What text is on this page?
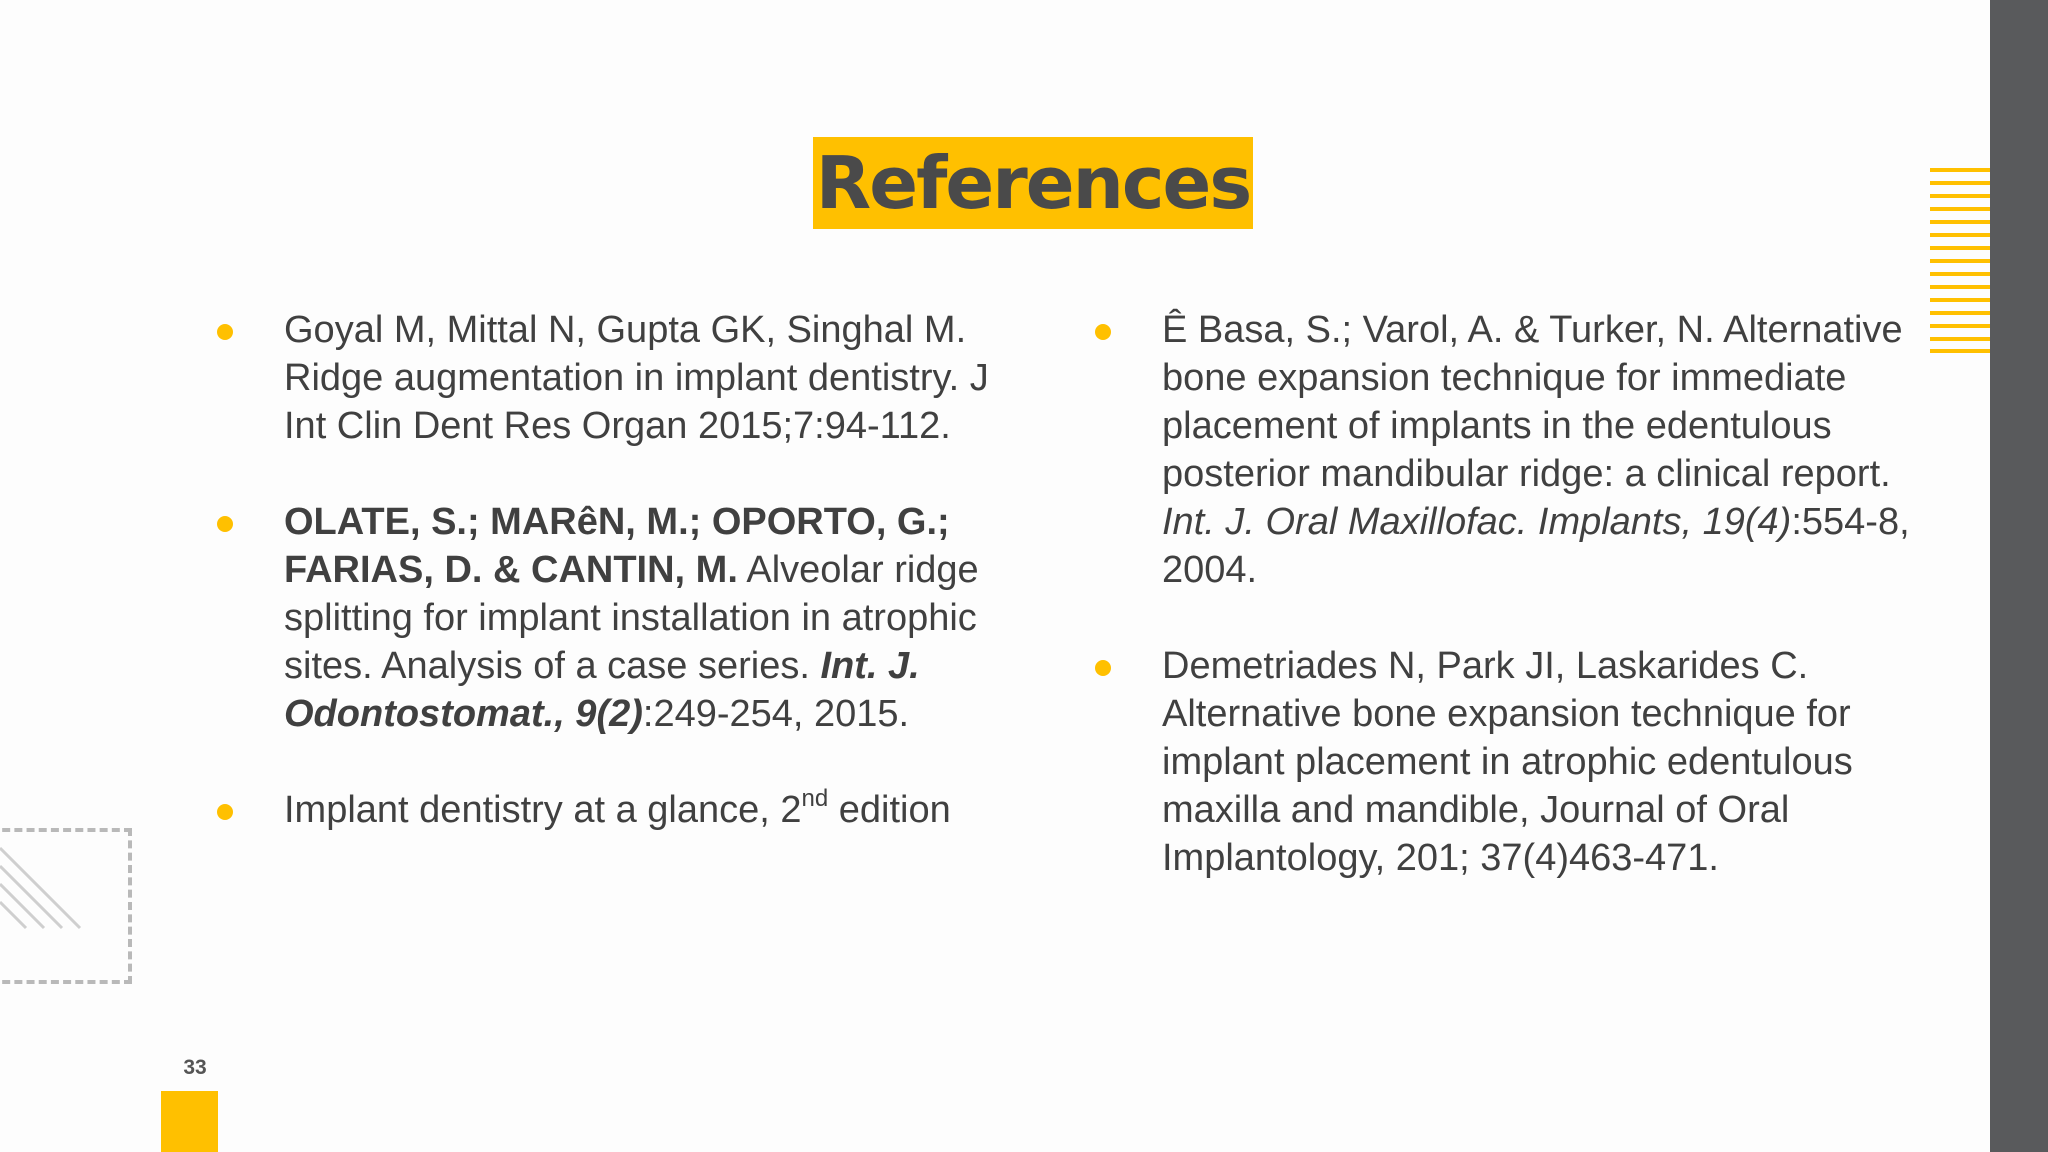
References
Goyal M, Mittal N, Gupta GK, Singhal M. Ridge augmentation in implant dentistry. J Int Clin Dent Res Organ 2015;7:94-112.
OLATE, S.; MARêN, M.; OPORTO, G.; FARIAS, D. & CANTIN, M. Alveolar ridge splitting for implant installation in atrophic sites. Analysis of a case series. Int. J. Odontostomat., 9(2):249-254, 2015.
Implant dentistry at a glance, 2nd edition
Ê Basa, S.; Varol, A. & Turker, N. Alternative bone expansion technique for immediate placement of implants in the edentulous posterior mandibular ridge: a clinical report. Int. J. Oral Maxillofac. Implants, 19(4):554-8, 2004.
Demetriades N, Park JI, Laskarides C. Alternative bone expansion technique for implant placement in atrophic edentulous maxilla and mandible, Journal of Oral Implantology, 201; 37(4)463-471.
33
